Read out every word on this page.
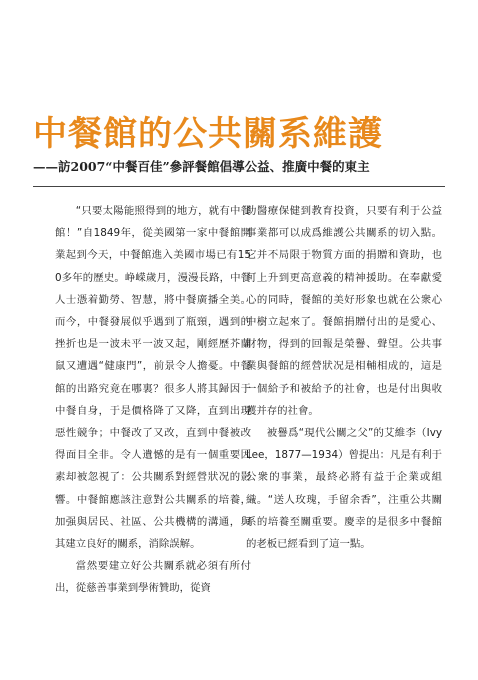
中餐館的公共關系維護
——訪2007“中餐百佳”參評餐館倡導公益、推廣中餐的東主

“只要太陽能照得到的地方，就有中餐館！”自1849年，從美國第一家中餐館開業起到今天，中餐館進入美國市場已有150多年的歷史。峥嵘歲月，漫漫長路，中餐人士憑着勤勞、智慧，將中餐廣播全美。而今，中餐發展似乎遇到了瓶頸，遇到的挫折也是一波未平一波又起，剛經歷芥蘭鼠又遭遇“健康門”，前景令人擔憂。中餐館的出路究竟在哪裏？很多人將其歸因于中餐自身，于是價格降了又降，直到出現惡性競争；中餐改了又改，直到中餐被改得面目全非。令人遺憾的是有一個重要因素却被忽視了：公共關系對經營狀况的影響。中餐館應該注意對公共關系的培養，加强與居民、社區、公共機構的溝通，與其建立良好的關系，消除誤解。

當然要建立好公共關系就必須有所付出，從慈善事業到學術贊助，從資

助醫療保健到教育投資，只要有利于公益事業都可以成爲維護公共關系的切入點。它并不局限于物質方面的捐贈和資助，也可上升到更高意義的精神援助。在奉獻愛心的同時，餐館的美好形象也就在公衆心中樹立起來了。餐館捐贈付出的是愛心、財物，得到的回報是榮譽、聲望。公共事業與餐館的經營狀况是相輔相成的，這是一個給予和被給予的社會，也是付出與收獲并存的社會。

被譽爲“現代公關之父”的艾維李（Ivy Lee，1877—1934）曾提出：凡是有利于公衆的事業，最終必將有益于企業或組織。“送人玫瑰，手留余香”，注重公共關系的培養至關重要。慶幸的是很多中餐館的老板已經看到了這一點。
